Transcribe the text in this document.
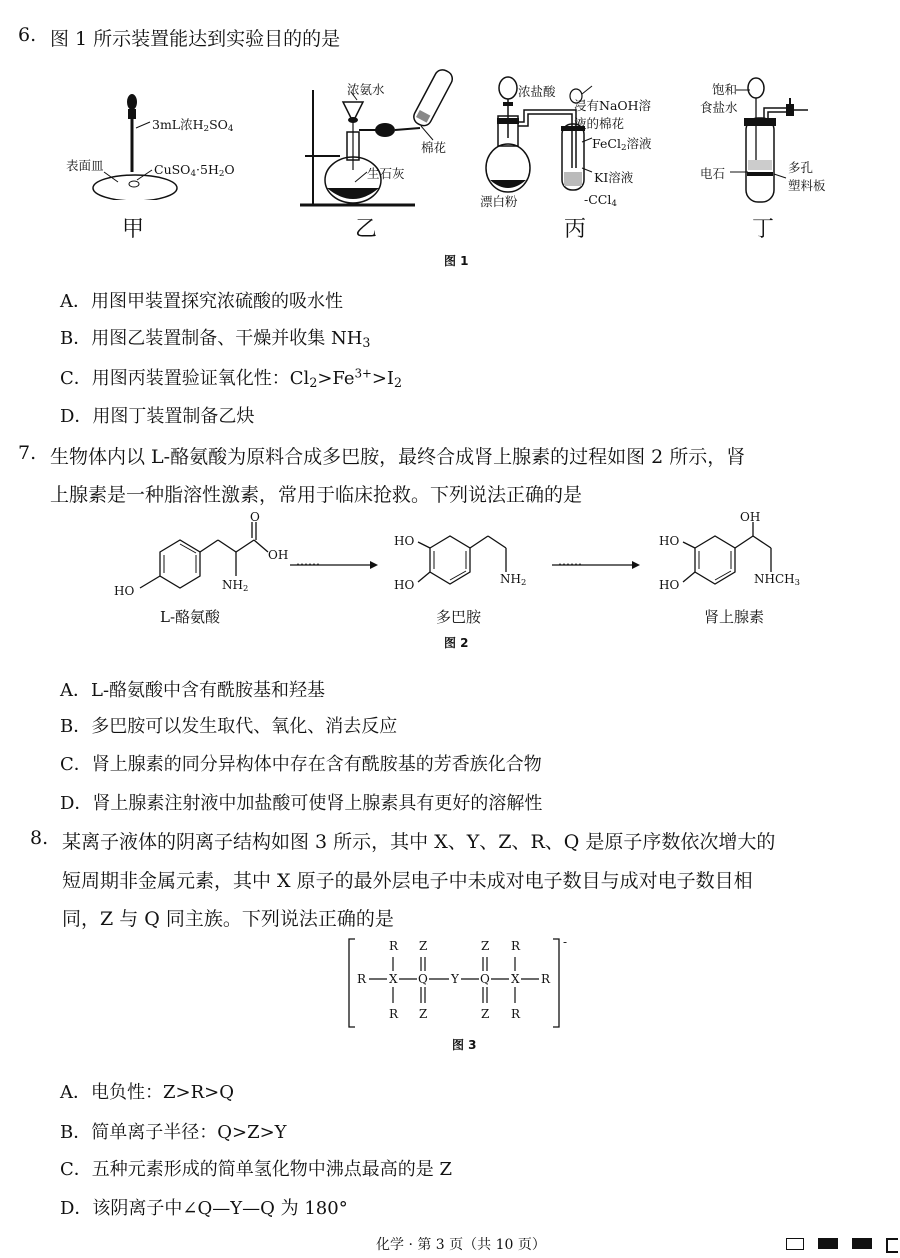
6. 图 1 所示装置能达到实验目的的是
3mL浓$H_2SO_4$
表面皿	$CuSO_4\cdot 5H_2O$
甲
浓氨水
棉花
生石灰
乙
浓盐酸
浸有NaOH溶
液的棉花
FeCl$_2$溶液
KI溶液
漂白粉	-CCl$_4$
丙
饱和
食盐水
电石	多孔
塑料板
丁
图 1
A．用图甲装置探究浓硫酸的吸水性
B．用图乙装置制备、干燥并收集 $NH_3$
C．用图丙装置验证氧化性：$Cl_2>Fe^{3+}>I_2$
D．用图丁装置制备乙炔
7. 生物体内以 L-酪氨酸为原料合成多巴胺，最终合成肾上腺素的过程如图 2 所示，肾
上腺素是一种脂溶性激素，常用于临床抢救。下列说法正确的是
O
OH
$NH_2$
HO
……
L-酪氨酸
HO
HO	$NH_2$
……
多巴胺
OH
HO
HO	$NHCH_3$
肾上腺素
图 2
A．L-酪氨酸中含有酰胺基和羟基
B．多巴胺可以发生取代、氧化、消去反应
C．肾上腺素的同分异构体中存在含有酰胺基的芳香族化合物
D．肾上腺素注射液中加盐酸可使肾上腺素具有更好的溶解性
8. 某离子液体的阴离子结构如图 3 所示，其中 X、Y、Z、R、Q 是原子序数依次增大的
短周期非金属元素，其中 X 原子的最外层电子中未成对电子数目与成对电子数目相
同，Z 与 Q 同主族。下列说法正确的是
R Z	Z R
R X Q Y Q X R
R Z	Z R
-
图 3
A．电负性：Z>R>Q
B．简单离子半径：Q>Z>Y
C．五种元素形成的简单氢化物中沸点最高的是 Z
D．该阴离子中∠Q—Y—Q 为 180°
化学 · 第 3 页（共 10 页）
